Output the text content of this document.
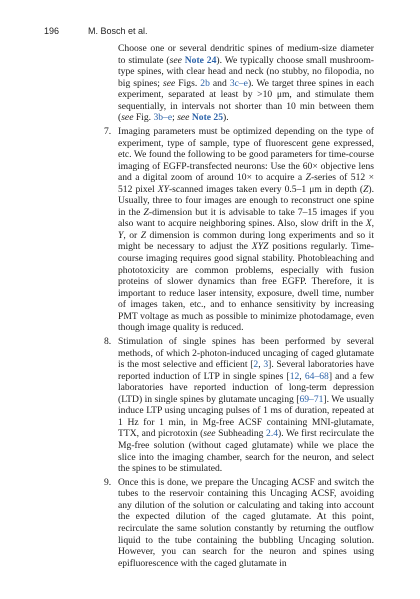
196	M. Bosch et al.

Choose one or several dendritic spines of medium-size diameter to stimulate (see Note 24). We typically choose small mushroom-type spines, with clear head and neck (no stubby, no filopodia, no big spines; see Figs. 2b and 3c–e). We target three spines in each experiment, separated at least by >10 μm, and stimulate them sequentially, in intervals not shorter than 10 min between them (see Fig. 3b–e; see Note 25).

7. Imaging parameters must be optimized depending on the type of experiment, type of sample, type of fluorescent gene expressed, etc. We found the following to be good parameters for time-course imaging of EGFP-transfected neurons: Use the 60× objective lens and a digital zoom of around 10× to acquire a Z-series of 512 × 512 pixel XY-scanned images taken every 0.5–1 μm in depth (Z). Usually, three to four images are enough to reconstruct one spine in the Z-dimension but it is advisable to take 7–15 images if you also want to acquire neighboring spines. Also, slow drift in the X, Y, or Z dimension is common during long experiments and so it might be necessary to adjust the XYZ positions regularly. Time-course imaging requires good signal stability. Photobleaching and phototoxicity are common problems, especially with fusion proteins of slower dynamics than free EGFP. Therefore, it is important to reduce laser intensity, exposure, dwell time, number of images taken, etc., and to enhance sensitivity by increasing PMT voltage as much as possible to minimize photodamage, even though image quality is reduced.

8. Stimulation of single spines has been performed by several methods, of which 2-photon-induced uncaging of caged glutamate is the most selective and efficient [2, 3]. Several laboratories have reported induction of LTP in single spines [12, 64–68] and a few laboratories have reported induction of long-term depression (LTD) in single spines by glutamate uncaging [69–71]. We usually induce LTP using uncaging pulses of 1 ms of duration, repeated at 1 Hz for 1 min, in Mg-free ACSF containing MNI-glutamate, TTX, and picrotoxin (see Subheading 2.4). We first recirculate the Mg-free solution (without caged glutamate) while we place the slice into the imaging chamber, search for the neuron, and select the spines to be stimulated.

9. Once this is done, we prepare the Uncaging ACSF and switch the tubes to the reservoir containing this Uncaging ACSF, avoiding any dilution of the solution or calculating and taking into account the expected dilution of the caged glutamate. At this point, recirculate the same solution constantly by returning the outflow liquid to the tube containing the bubbling Uncaging solution. However, you can search for the neuron and spines using epifluorescence with the caged glutamate in
